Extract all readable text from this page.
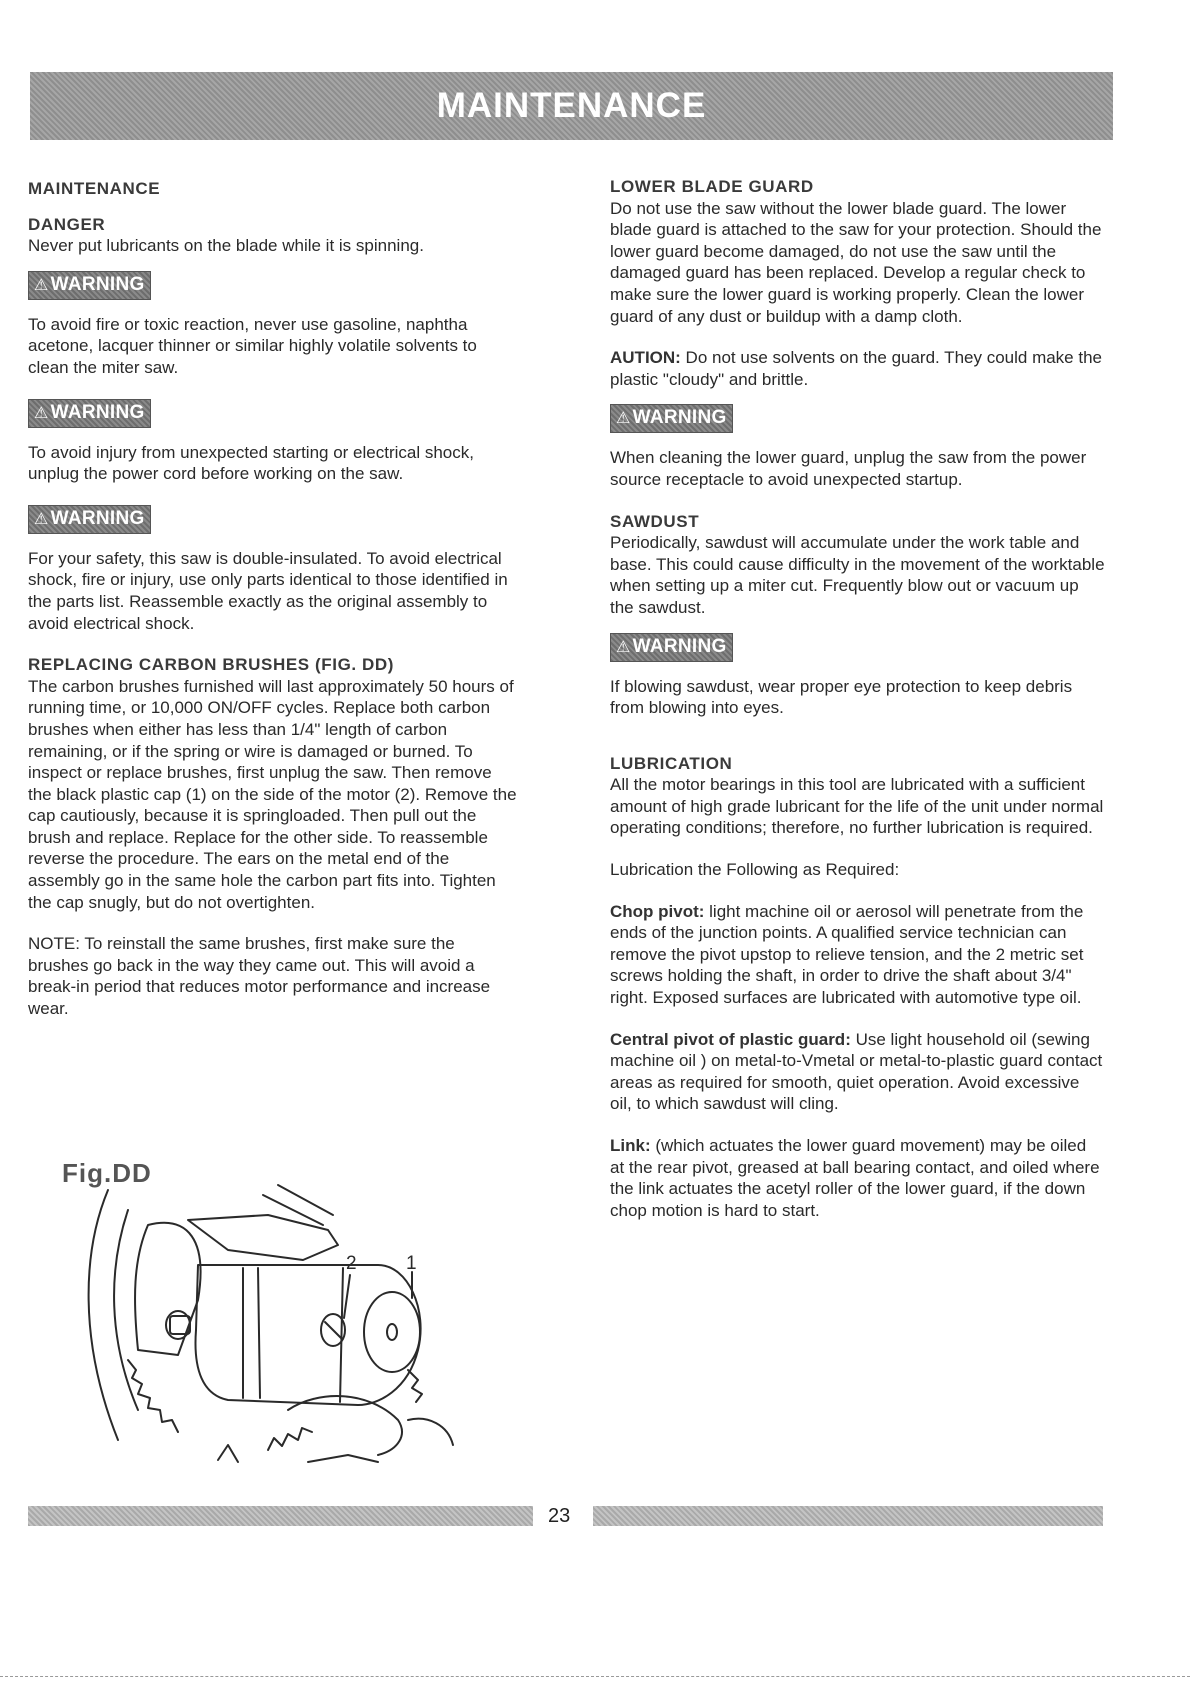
MAINTENANCE

MAINTENANCE

DANGER

Never put lubricants on the blade while it is spinning.

⚠ WARNING

To avoid fire or toxic reaction, never use gasoline, naphtha acetone, lacquer thinner or similar highly volatile solvents to clean the miter saw.

⚠ WARNING

To avoid injury from unexpected starting or electrical shock, unplug the power cord before working on the saw.

⚠ WARNING

For your safety, this saw is double-insulated. To avoid electrical shock, fire or injury, use only parts identical to those identified in the parts list. Reassemble exactly as the original assembly to avoid electrical shock.

REPLACING CARBON BRUSHES (FIG. DD)

The carbon brushes furnished will last approximately 50 hours of running time, or 10,000 ON/OFF cycles. Replace both carbon brushes when either has less than 1/4" length of carbon remaining, or if the spring or wire is damaged or burned. To inspect or replace brushes, first unplug the saw. Then remove the black plastic cap (1) on the side of the motor (2). Remove the cap cautiously, because it is springloaded. Then pull out the brush and replace. Replace for the other side. To reassemble reverse the procedure. The ears on the metal end of the assembly go in the same hole the carbon part fits into. Tighten the cap snugly, but do not overtighten.

NOTE: To reinstall the same brushes, first make sure the brushes go back in the way they came out. This will avoid a break-in period that reduces motor performance and increase wear.

Fig.DD
2	1

LOWER BLADE GUARD

Do not use the saw without the lower blade guard. The lower blade guard is attached to the saw for your protection. Should the lower guard become damaged, do not use the saw until the damaged guard has been replaced. Develop a regular check to make sure the lower guard is working properly. Clean the lower guard of any dust or buildup with a damp cloth.

AUTION: Do not use solvents on the guard. They could make the plastic "cloudy" and brittle.

⚠ WARNING

When cleaning the lower guard, unplug the saw from the power source receptacle to avoid unexpected startup.

SAWDUST

Periodically, sawdust will accumulate under the work table and base. This could cause difficulty in the movement of the worktable when setting up a miter cut. Frequently blow out or vacuum up the sawdust.

⚠ WARNING

If blowing sawdust, wear proper eye protection to keep debris from blowing into eyes.

LUBRICATION

All the motor bearings in this tool are lubricated with a sufficient amount of high grade lubricant for the life of the unit under normal operating conditions; therefore, no further lubrication is required.

Lubrication the Following as Required:

Chop pivot: light machine oil or aerosol will penetrate from the ends of the junction points. A qualified service technician can remove the pivot upstop to relieve tension, and the 2 metric set screws holding the shaft, in order to drive the shaft about 3/4" right. Exposed surfaces are lubricated with automotive type oil.

Central pivot of plastic guard: Use light household oil (sewing machine oil ) on metal-to-Vmetal or metal-to-plastic guard contact areas as required for smooth, quiet operation. Avoid excessive oil, to which sawdust will cling.

Link: (which actuates the lower guard movement) may be oiled at the rear pivot, greased at ball bearing contact, and oiled where the link actuates the acetyl roller of the lower guard, if the down chop motion is hard to start.

23
